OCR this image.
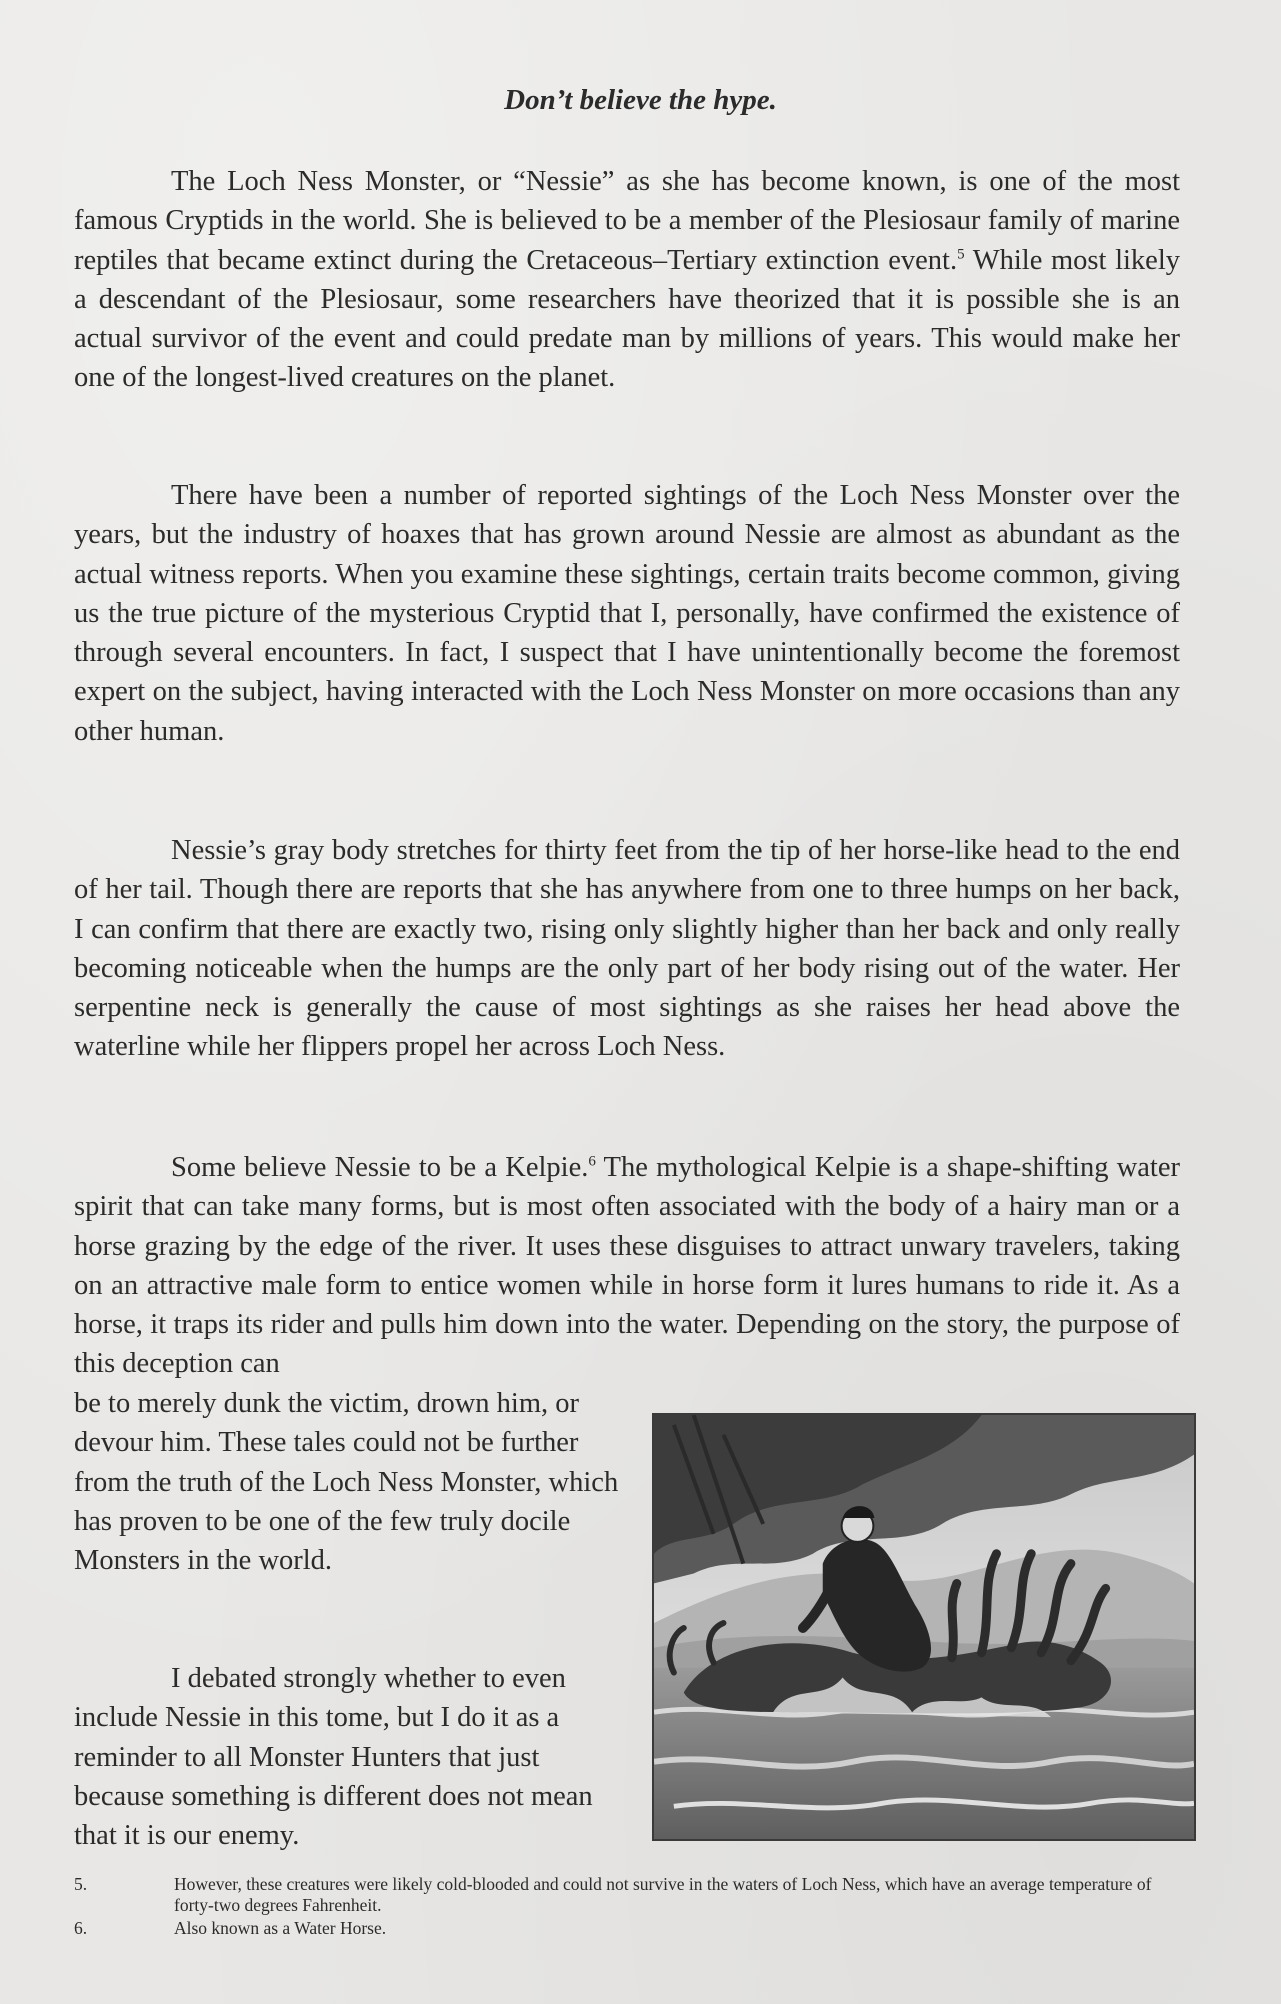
Don’t believe the hype.

The Loch Ness Monster, or “Nessie” as she has become known, is one of the most famous Cryptids in the world. She is believed to be a member of the Plesiosaur family of marine reptiles that became extinct during the Cretaceous–Tertiary extinction event.$^5$ While most likely a descendant of the Plesiosaur, some researchers have theorized that it is possible she is an actual survivor of the event and could predate man by millions of years. This would make her one of the longest-lived creatures on the planet.

There have been a number of reported sightings of the Loch Ness Monster over the years, but the industry of hoaxes that has grown around Nessie are almost as abundant as the actual witness reports. When you examine these sightings, certain traits become common, giving us the true picture of the mysterious Cryptid that I, personally, have confirmed the existence of through several encounters. In fact, I suspect that I have unintentionally become the foremost expert on the subject, having interacted with the Loch Ness Monster on more occasions than any other human.

Nessie’s gray body stretches for thirty feet from the tip of her horse-like head to the end of her tail. Though there are reports that she has anywhere from one to three humps on her back, I can confirm that there are exactly two, rising only slightly higher than her back and only really becoming noticeable when the humps are the only part of her body rising out of the water. Her serpentine neck is generally the cause of most sightings as she raises her head above the waterline while her flippers propel her across Loch Ness.

Some believe Nessie to be a Kelpie.$^6$ The mythological Kelpie is a shape-shifting water spirit that can take many forms, but is most often associated with the body of a hairy man or a horse grazing by the edge of the river. It uses these disguises to attract unwary travelers, taking on an attractive male form to entice women while in horse form it lures humans to ride it. As a horse, it traps its rider and pulls him down into the water. Depending on the story, the purpose of this deception can

be to merely dunk the victim, drown him, or devour him. These tales could not be further from the truth of the Loch Ness Monster, which has proven to be one of the few truly docile Monsters in the world.

I debated strongly whether to even include Nessie in this tome, but I do it as a reminder to all Monster Hunters that just because something is different does not mean that it is our enemy.

5.	However, these creatures were likely cold-blooded and could not survive in the waters of Loch Ness, which have an average temperature of forty-two degrees Fahrenheit.
6.	Also known as a Water Horse.
